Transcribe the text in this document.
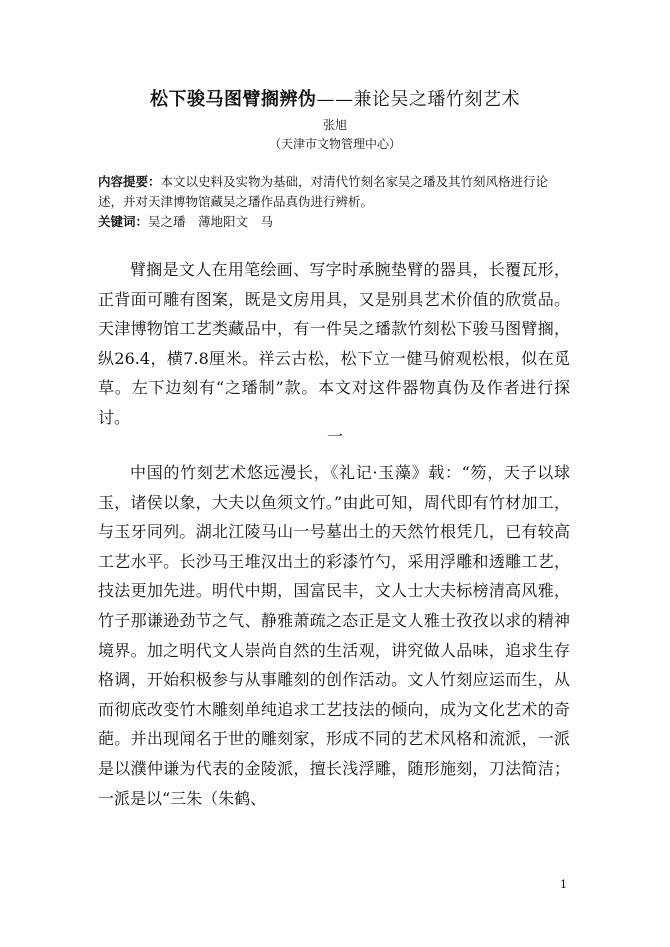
松下骏马图臂搁辨伪——兼论吴之璠竹刻艺术
张旭
（天津市文物管理中心）

内容提要：本文以史料及实物为基础，对清代竹刻名家吴之璠及其竹刻风格进行论述，并对天津博物馆藏吴之璠作品真伪进行辨析。

关键词：吴之璠　薄地阳文　马

臂搁是文人在用笔绘画、写字时承腕垫臂的器具，长覆瓦形，正背面可雕有图案，既是文房用具，又是别具艺术价值的欣赏品。天津博物馆工艺类藏品中，有一件吴之璠款竹刻松下骏马图臂搁，纵26.4，横7.8厘米。祥云古松，松下立一健马俯观松根，似在觅草。左下边刻有“之璠制”款。本文对这件器物真伪及作者进行探讨。

一

中国的竹刻艺术悠远漫长，《礼记·玉藻》载：“笏，天子以球玉，诸侯以象，大夫以鱼须文竹。”由此可知，周代即有竹材加工，与玉牙同列。湖北江陵马山一号墓出土的天然竹根凭几，已有较高工艺水平。长沙马王堆汉出土的彩漆竹勺，采用浮雕和透雕工艺，技法更加先进。明代中期，国富民丰，文人士大夫标榜清高风雅，竹子那谦逊劲节之气、静雅萧疏之态正是文人雅士孜孜以求的精神境界。加之明代文人崇尚自然的生活观，讲究做人品味，追求生存格调，开始积极参与从事雕刻的创作活动。文人竹刻应运而生，从而彻底改变竹木雕刻单纯追求工艺技法的倾向，成为文化艺术的奇葩。并出现闻名于世的雕刻家，形成不同的艺术风格和流派，一派是以濮仲谦为代表的金陵派，擅长浅浮雕，随形施刻，刀法简洁；一派是以“三朱（朱鹤、

1
